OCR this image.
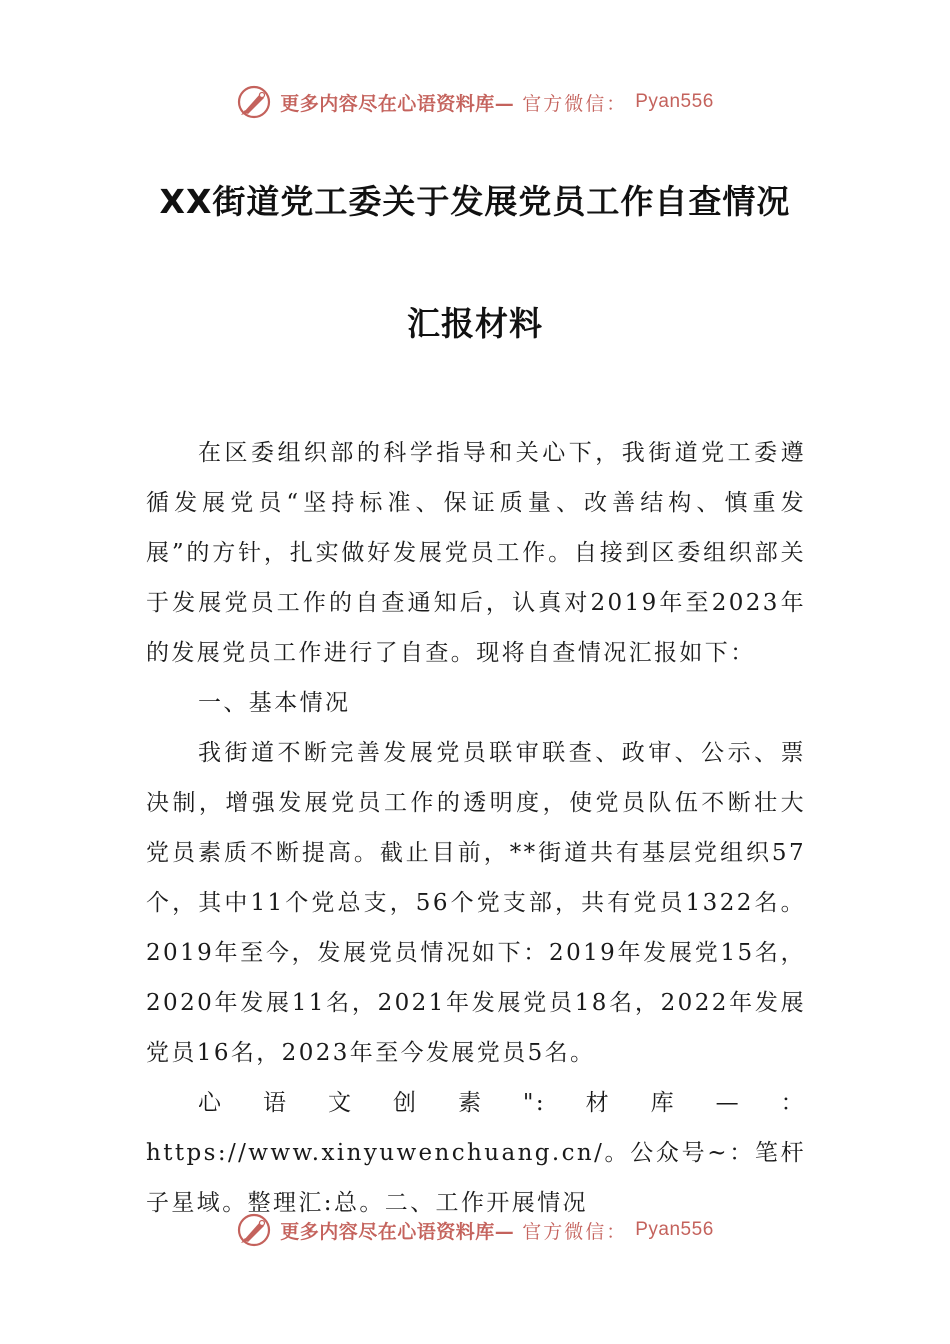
更多内容尽在心语资料库— 官方微信： Pyan556
XX街道党工委关于发展党员工作自查情况
汇报材料

在区委组织部的科学指导和关心下，我街道党工委遵循发展党员“坚持标准、保证质量、改善结构、慎重发展”的方针，扎实做好发展党员工作。自接到区委组织部关于发展党员工作的自查通知后，认真对2019年至2023年的发展党员工作进行了自查。现将自查情况汇报如下：

一、基本情况

我街道不断完善发展党员联审联查、政审、公示、票决制，增强发展党员工作的透明度，使党员队伍不断壮大党员素质不断提高。截止目前，**街道共有基层党组织57个，其中11个党总支，56个党支部，共有党员1322名。2019年至今，发展党员情况如下：2019年发展党15名，2020年发展11名，2021年发展党员18名，2022年发展党员16名，2023年至今发展党员5名。

心语文创素":材库—：https://www.xinyuwenchuang.cn/。公众号~：笔杆子星域。整理汇:总。二、工作开展情况

更多内容尽在心语资料库— 官方微信： Pyan556
